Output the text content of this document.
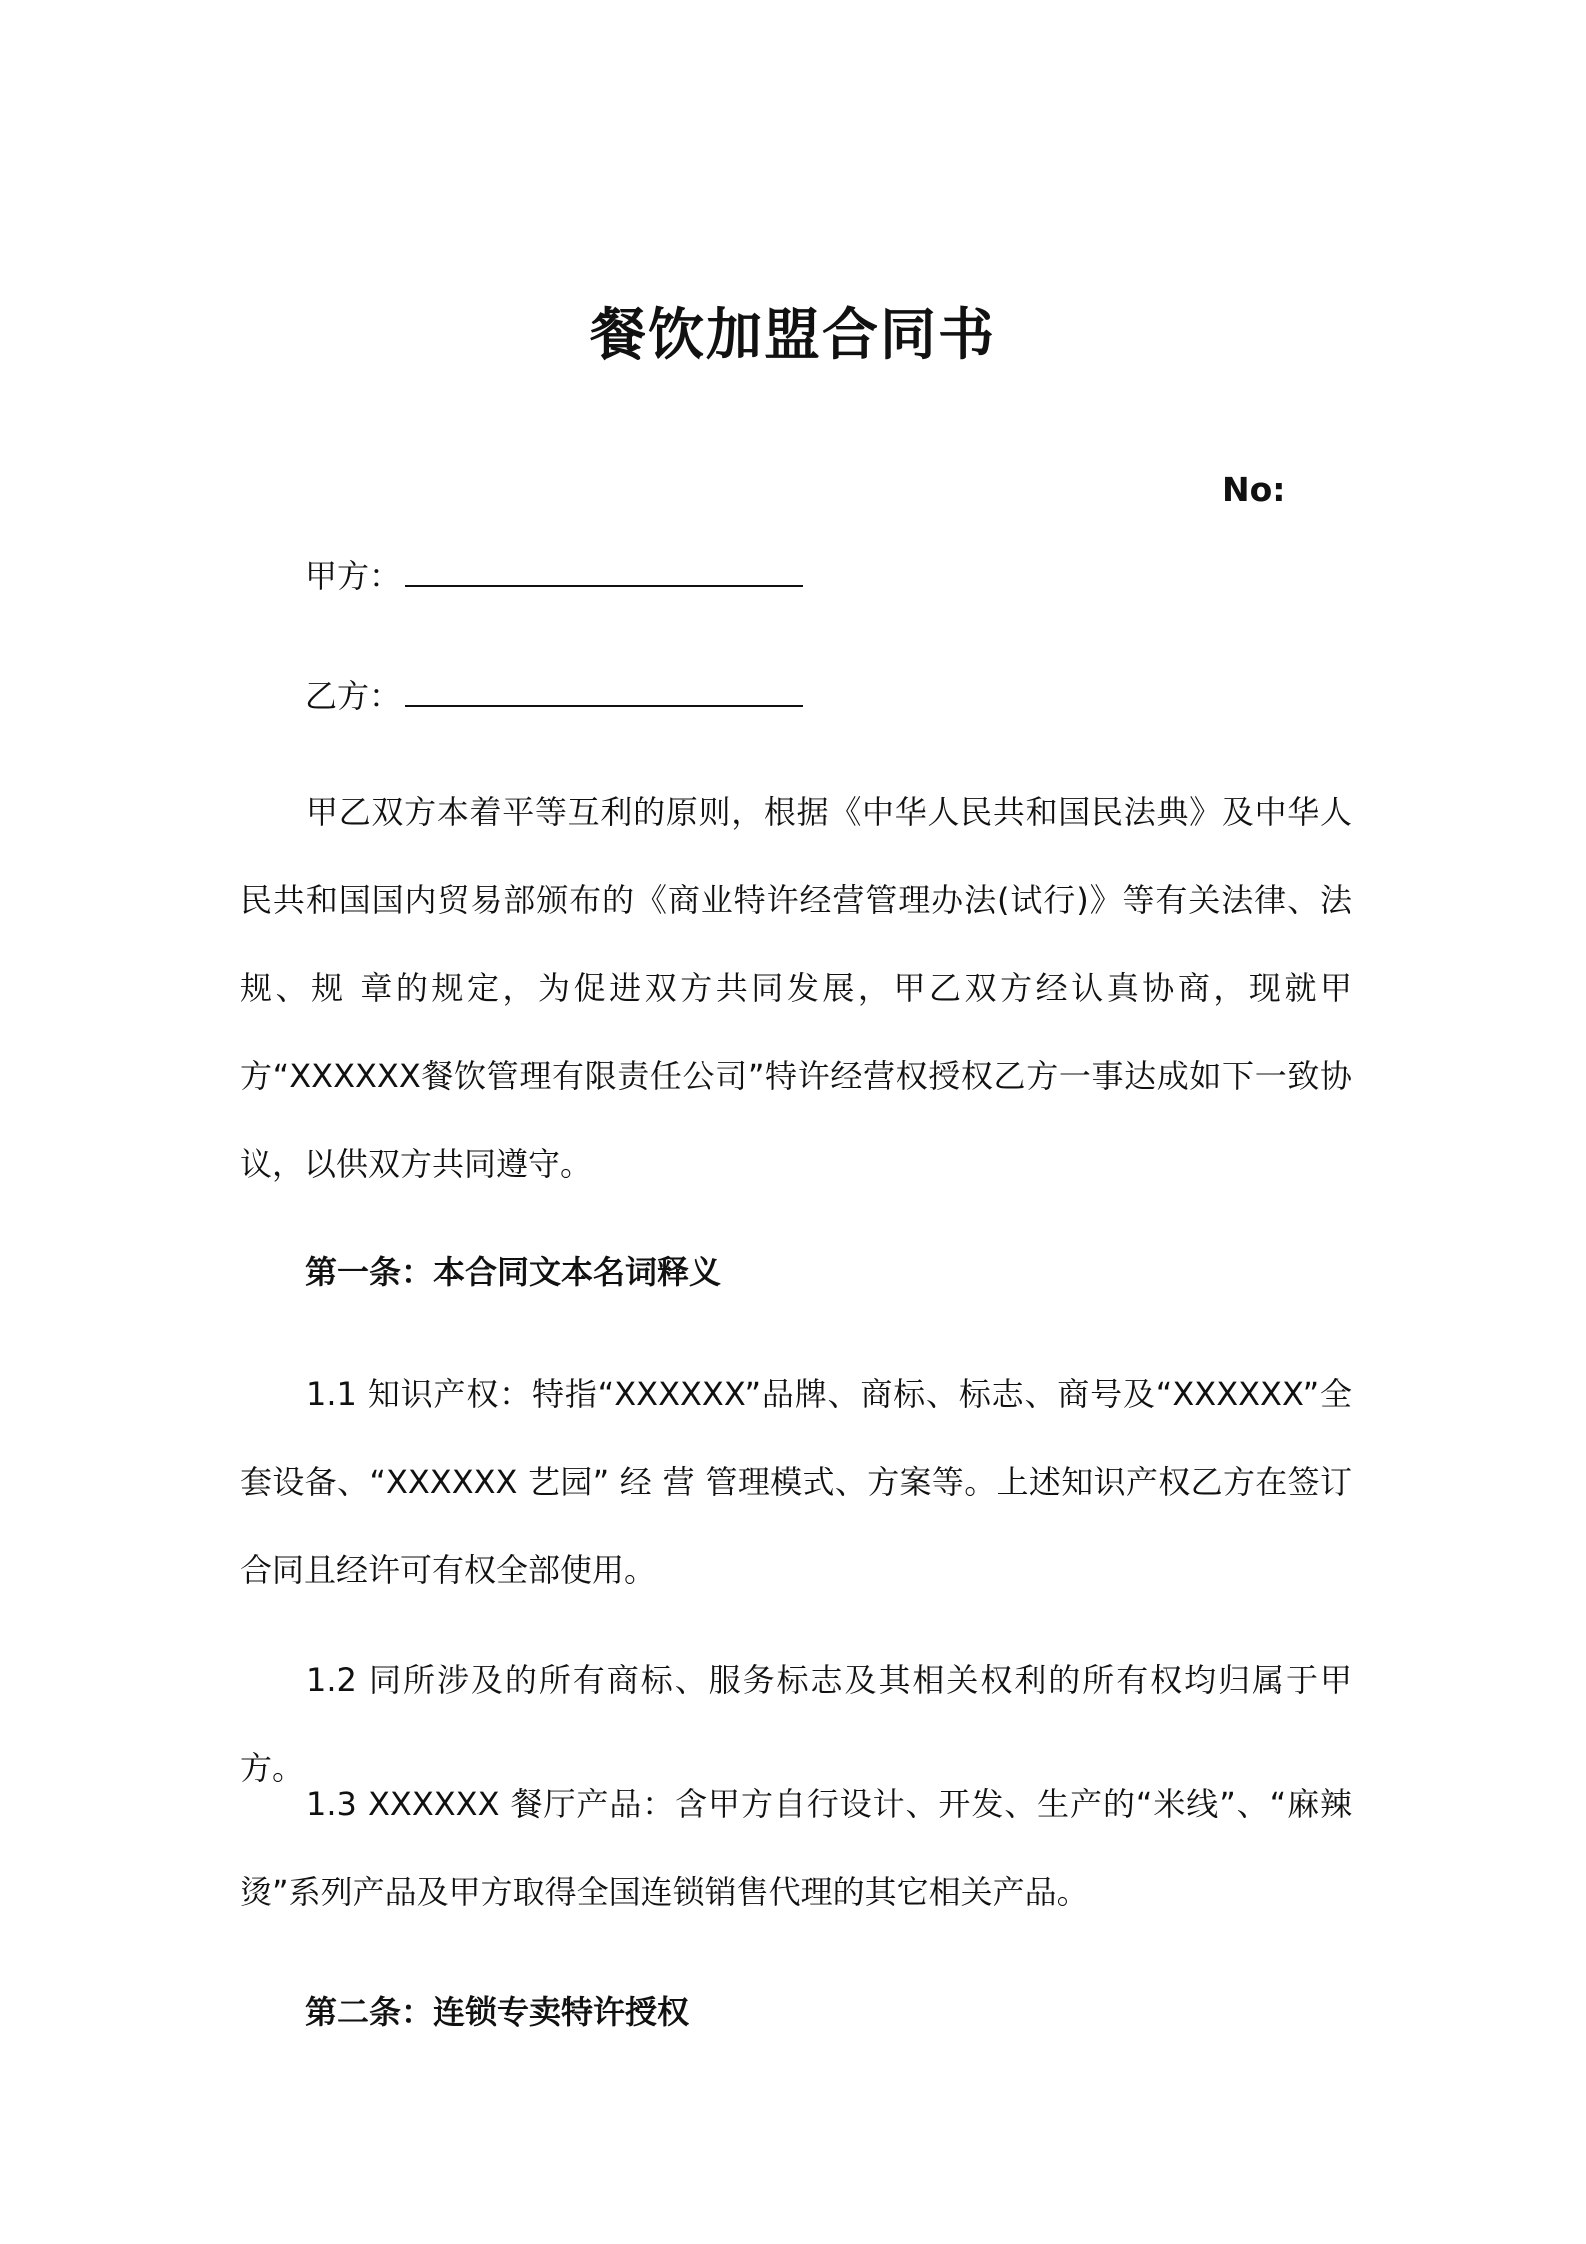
餐饮加盟合同书
No:
甲方：
乙方：

甲乙双方本着平等互利的原则，根据《中华人民共和国民法典》及中华人民共和国国内贸易部颁布的《商业特许经营管理办法(试行)》等有关法律、法规、规 章的规定，为促进双方共同发展，甲乙双方经认真协商，现就甲方“XXXXXX餐饮管理有限责任公司”特许经营权授权乙方一事达成如下一致协议，以供双方共同遵守。

第一条：本合同文本名词释义

1.1 知识产权：特指“XXXXXX”品牌、商标、标志、商号及“XXXXXX”全套设备、“XXXXXX 艺园” 经 营 管理模式、方案等。上述知识产权乙方在签订合同且经许可有权全部使用。

1.2 同所涉及的所有商标、服务标志及其相关权利的所有权均归属于甲方。

1.3 XXXXXX 餐厅产品：含甲方自行设计、开发、生产的“米线”、“麻辣烫”系列产品及甲方取得全国连锁销售代理的其它相关产品。

第二条：连锁专卖特许授权
